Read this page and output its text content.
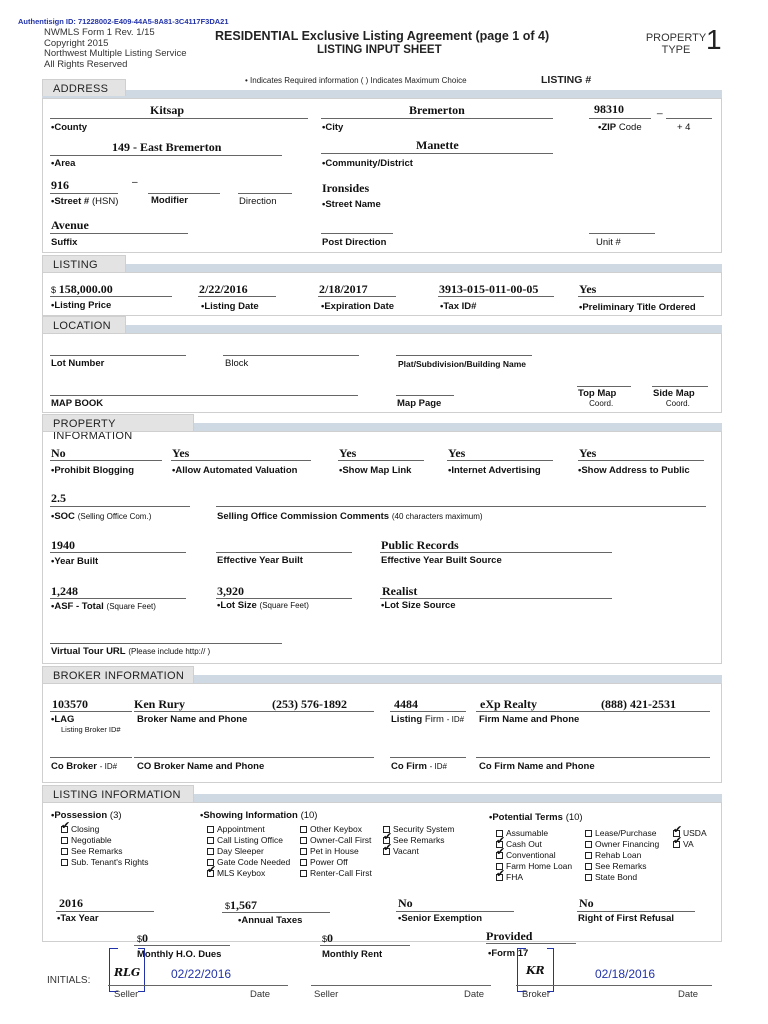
Authentisign ID: 71228002-E409-44A5-8A81-3C4117F3DA21
NWMLS Form 1 Rev. 1/15
Copyright 2015
Northwest Multiple Listing Service
All Rights Reserved
RESIDENTIAL Exclusive Listing Agreement (page 1 of 4)
LISTING INPUT SHEET
PROPERTY TYPE 1
• Indicates Required information ( ) Indicates Maximum Choice	LISTING #
ADDRESS
Kitsap
• County
Bremerton
• City
98310	_
• ZIP Code	+ 4
149 - East Bremerton
• Area
Manette
• Community/District
916	–
• Street # (HSN)	Modifier	Direction
Ironsides
• Street Name
Avenue
Suffix	Post Direction	Unit #
LISTING
$ 158,000.00
• Listing Price
2/22/2016
• Listing Date
2/18/2017
• Expiration Date
3913-015-011-00-05
• Tax ID#
Yes
• Preliminary Title Ordered
LOCATION
Lot Number	Block	Plat/Subdivision/Building Name
MAP BOOK	Map Page
Top Map
Coord.
Side Map
Coord.
PROPERTY INFORMATION
No
• Prohibit Blogging
Yes
• Allow Automated Valuation
Yes
• Show Map Link
Yes
• Internet Advertising
Yes
• Show Address to Public
2.5
• SOC (Selling Office Com.)	Selling Office Commission Comments (40 characters maximum)
1940
• Year Built	Effective Year Built
Public Records
Effective Year Built Source
1,248
• ASF - Total (Square Feet)
3,920
• Lot Size (Square Feet)
Realist
• Lot Size Source
Virtual Tour URL (Please include http:// )
BROKER INFORMATION
103570
• LAG
Listing Broker ID#
Ken Rury	(253) 576-1892
Broker Name and Phone
4484
Listing Firm - ID#
eXp Realty	(888) 421-2531
Firm Name and Phone
Co Broker - ID# CO Broker Name and Phone	Co Firm - ID#	Co Firm Name and Phone
LISTING INFORMATION
• Possession (3)
✔Closing
Negotiable
See Remarks
Sub. Tenant's Rights
• Showing Information (10)
Appointment
Call Listing Office
Day Sleeper
Gate Code Needed
✔MLS Keybox
Other Keybox
Owner-Call First
Pet in House
Power Off
Renter-Call First
Security System
✔See Remarks
✔Vacant
• Potential Terms (10)
Assumable
✔Cash Out
✔Conventional
Farm Home Loan
✔FHA
Lease/Purchase
Owner Financing
Rehab Loan
See Remarks
State Bond
✔USDA
✔VA
2016
• Tax Year
$1,567
• Annual Taxes
No
• Senior Exemption
No
Right of First Refusal
$0
Monthly H.O. Dues
$0
Monthly Rent
Provided
• Form 17
INITIALS:
RLG	02/22/2016
Seller	Date	Seller	Date
KR	02/18/2016
Broker	Date
